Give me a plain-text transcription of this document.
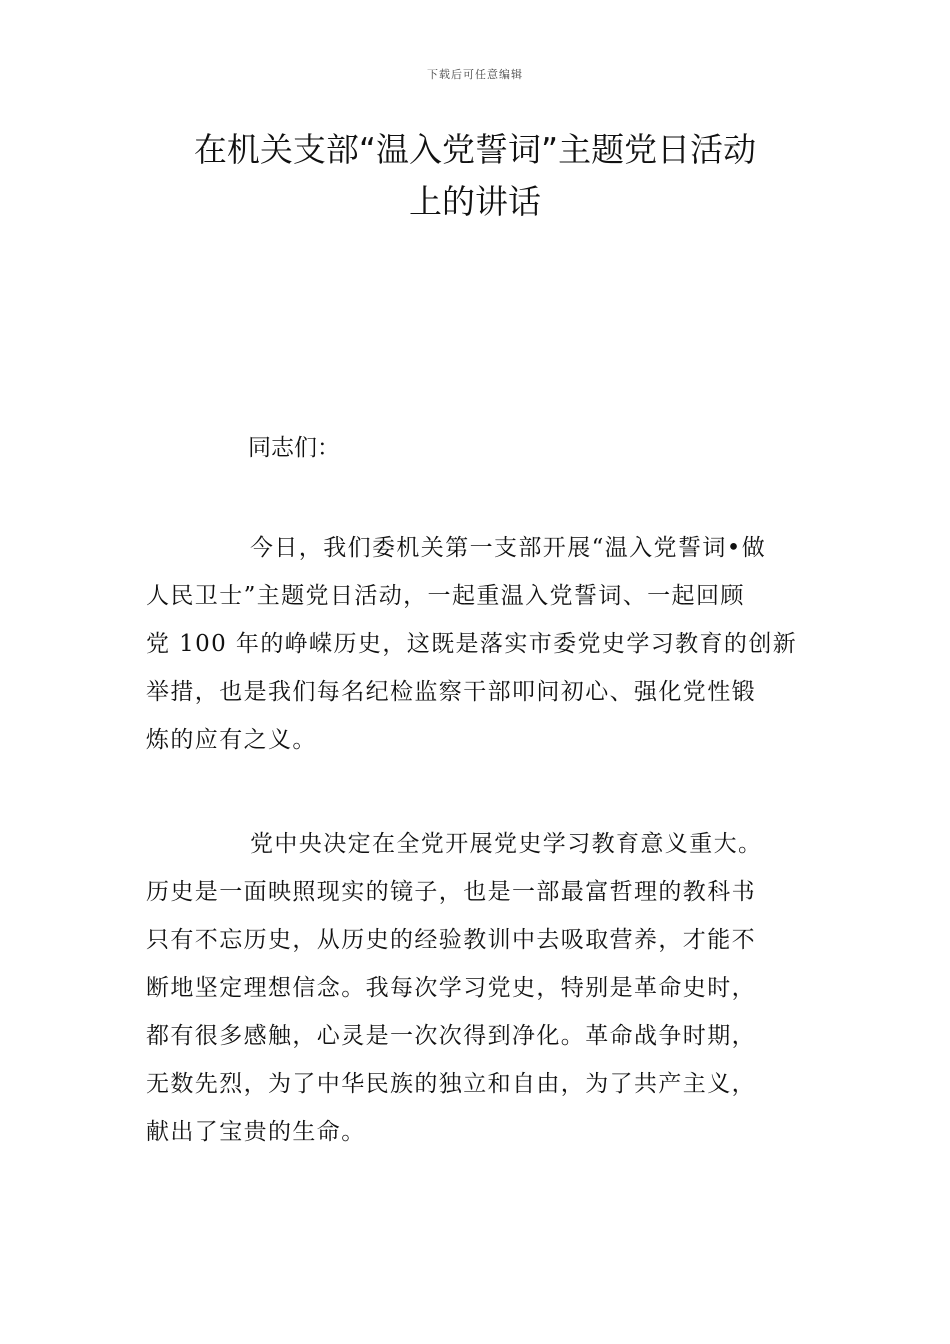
下载后可任意编辑
在机关支部“温入党誓词”主题党日活动
上的讲话
同志们：
今日，我们委机关第一支部开展“温入党誓词•做
人民卫士”主题党日活动，一起重温入党誓词、一起回顾
党 100 年的峥嵘历史，这既是落实市委党史学习教育的创新
举措，也是我们每名纪检监察干部叩问初心、强化党性锻
炼的应有之义。
党中央决定在全党开展党史学习教育意义重大。
历史是一面映照现实的镜子，也是一部最富哲理的教科书
只有不忘历史，从历史的经验教训中去吸取营养，才能不
断地坚定理想信念。我每次学习党史，特别是革命史时，
都有很多感触，心灵是一次次得到净化。革命战争时期，
无数先烈，为了中华民族的独立和自由，为了共产主义，
献出了宝贵的生命。
